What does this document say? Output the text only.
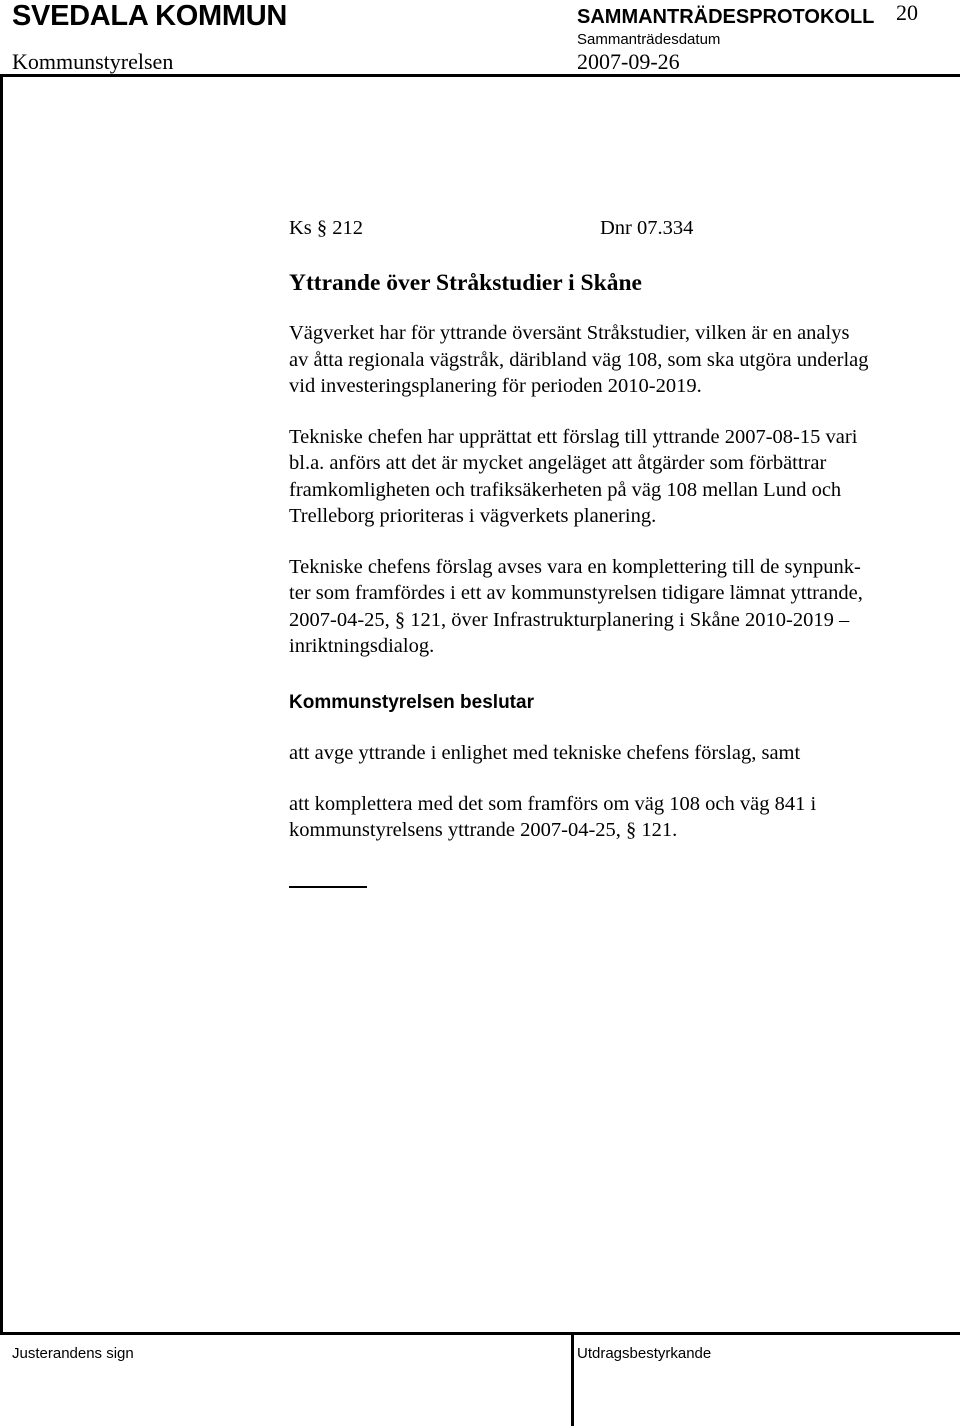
SVEDALA KOMMUN	SAMMANTRÄDESPROTOKOLL 20
Sammanträdesdatum
Kommunstyrelsen	2007-09-26

Ks § 212	Dnr 07.334

Yttrande över Stråkstudier i Skåne

Vägverket har för yttrande översänt Stråkstudier, vilken är en analys

av åtta regionala vägstråk, däribland väg 108, som ska utgöra underlag

vid investeringsplanering för perioden 2010-2019.

Tekniske chefen har upprättat ett förslag till yttrande 2007-08-15 vari

bl.a. anförs att det är mycket angeläget att åtgärder som förbättrar

framkomligheten och trafiksäkerheten på väg 108 mellan Lund och

Trelleborg prioriteras i vägverkets planering.

Tekniske chefens förslag avses vara en komplettering till de synpunk-

ter som framfördes i ett av kommunstyrelsen tidigare lämnat yttrande,

2007-04-25, § 121, över Infrastrukturplanering i Skåne 2010-2019 –

inriktningsdialog.

Kommunstyrelsen beslutar

att avge yttrande i enlighet med tekniske chefens förslag, samt

att komplettera med det som framförs om väg 108 och väg 841 i

kommunstyrelsens yttrande 2007-04-25, § 121.

Justerandens sign	Utdragsbestyrkande
